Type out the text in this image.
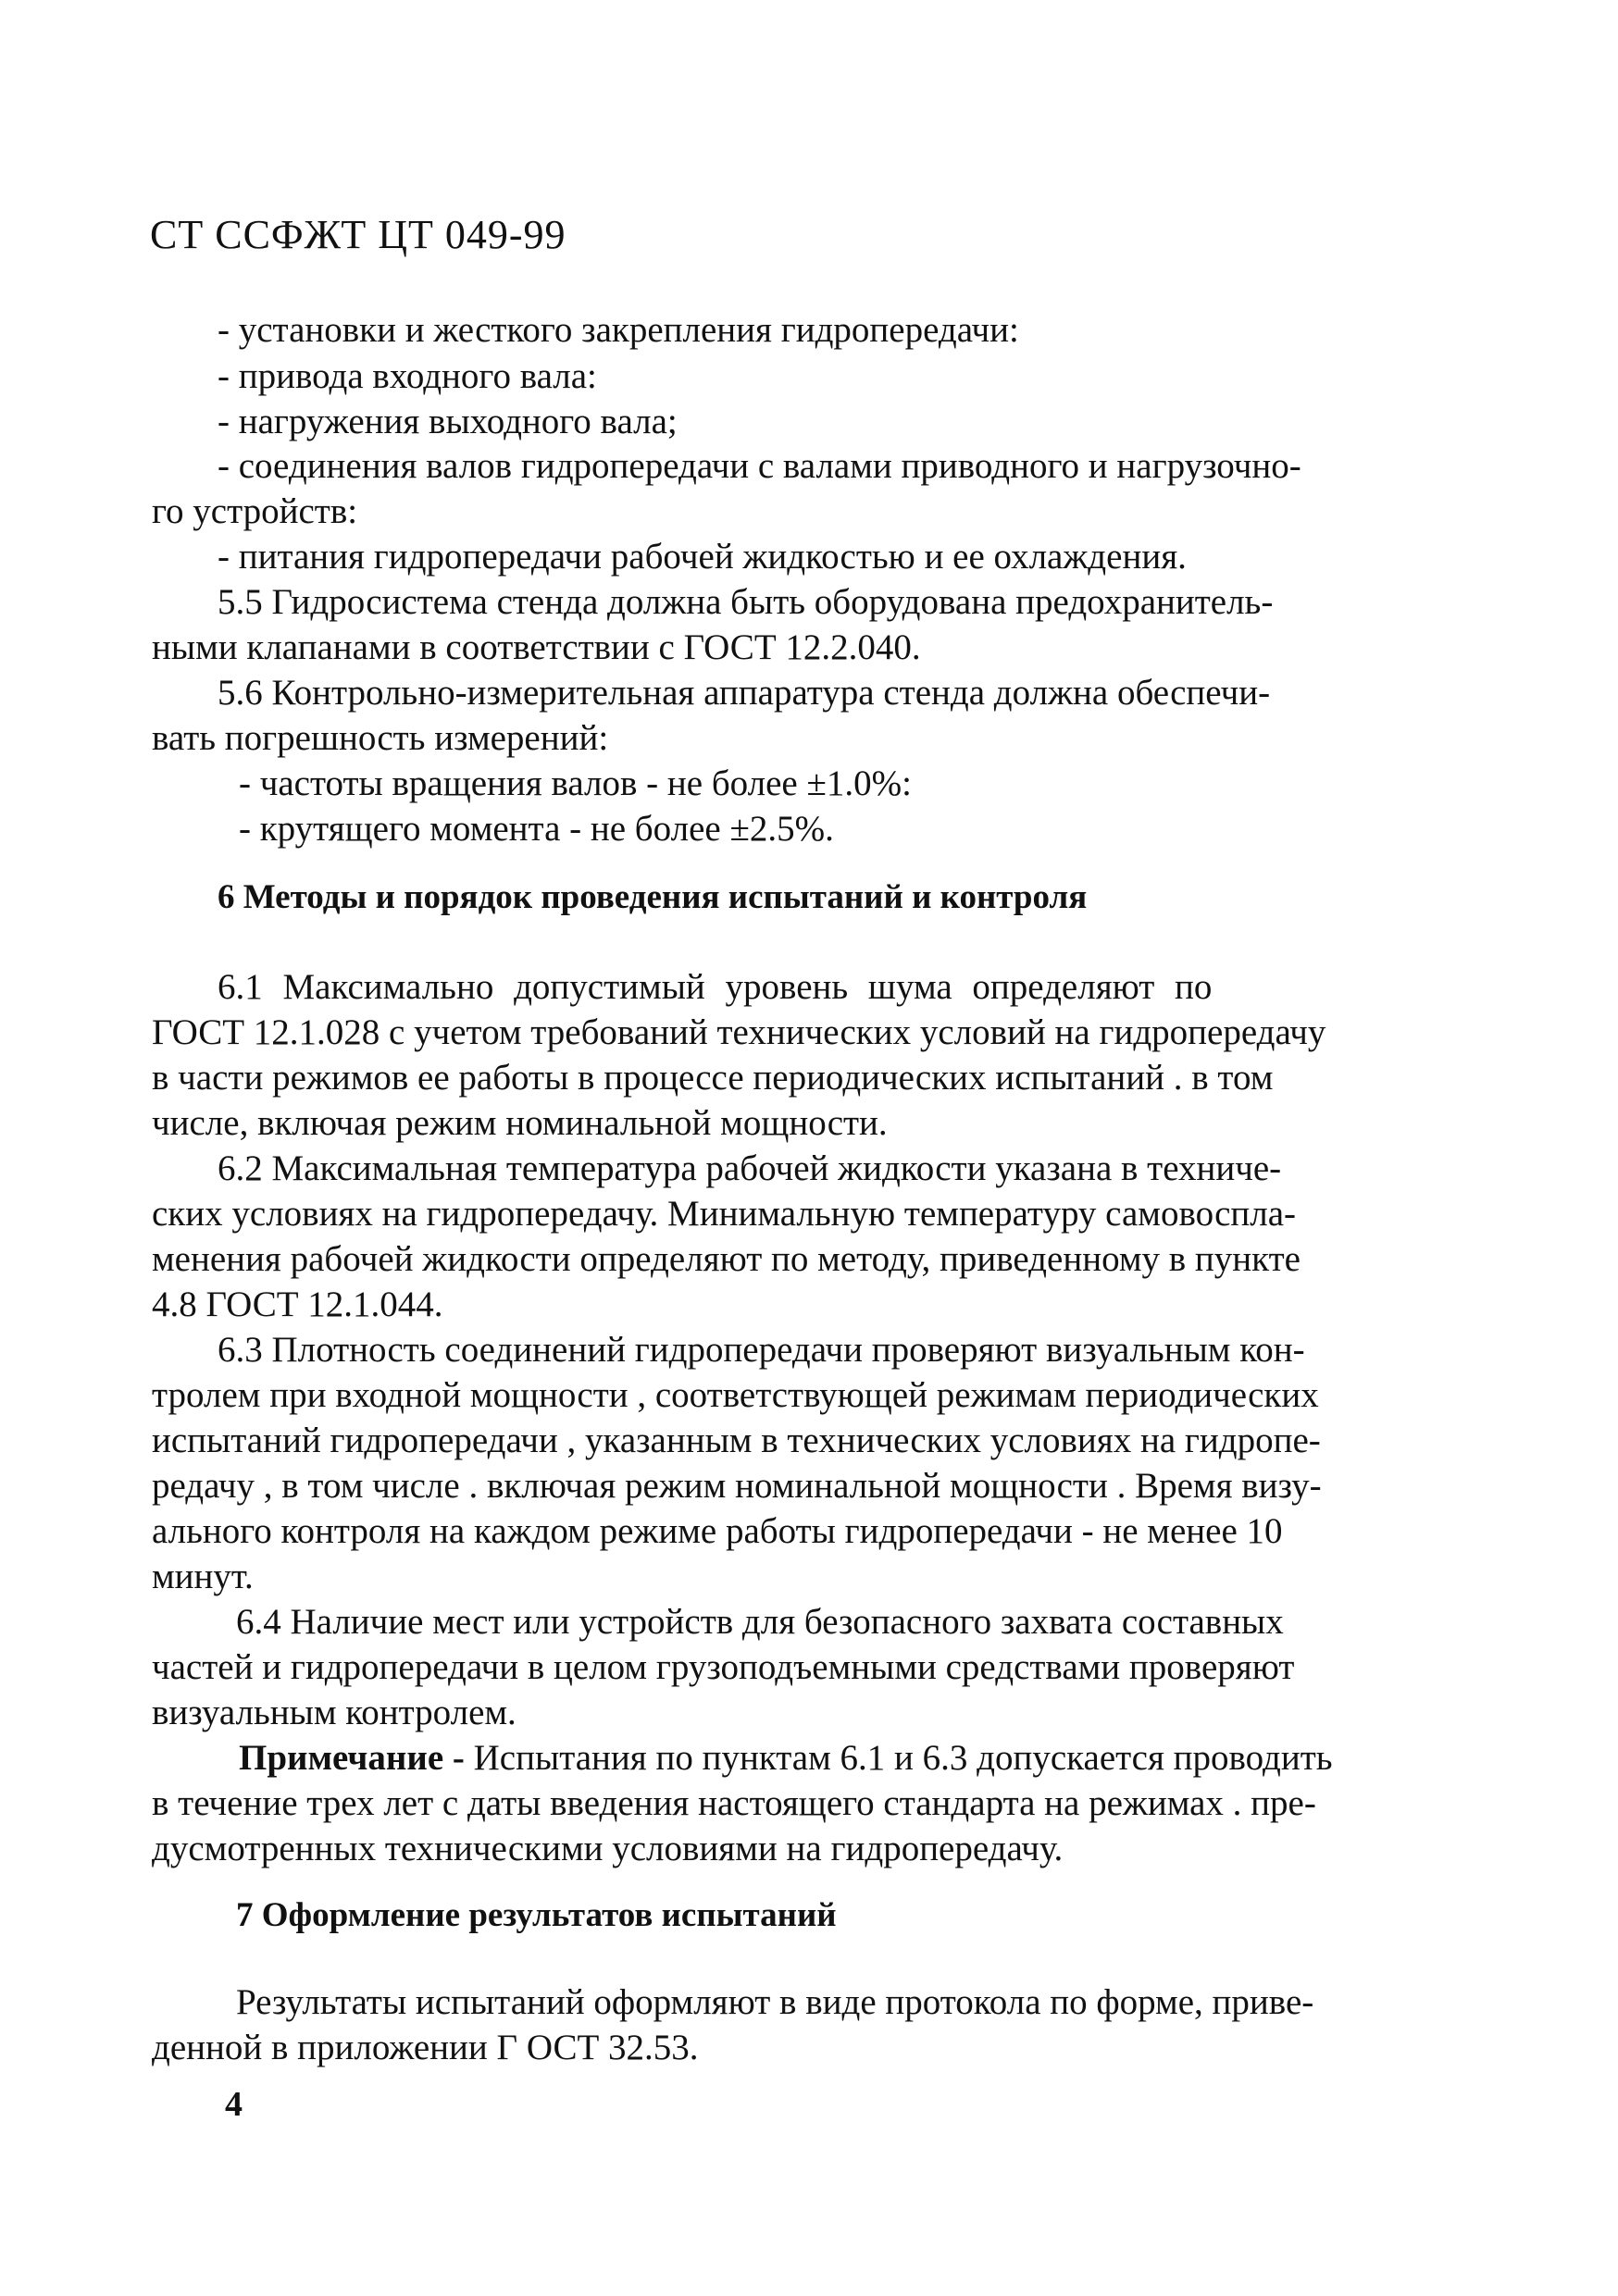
СТ ССФЖТ ЦТ 049-99
- установки и жесткого закрепления гидропередачи:
- привода входного вала:
- нагружения выходного вала;
- соединения валов гидропередачи с валами приводного и нагрузочно-
го устройств:
- питания гидропередачи рабочей жидкостью и ее охлаждения.
5.5 Гидросистема стенда должна быть оборудована предохранитель-
ными клапанами в соответствии с ГОСТ 12.2.040.
5.6 Контрольно-измерительная аппаратура стенда должна обеспечи-
вать погрешность измерений:
- частоты вращения валов - не более ±1.0%:
- крутящего момента - не более ±2.5%.
6 Методы и порядок проведения испытаний и контроля
6.1 Максимально допустимый уровень шума определяют по
ГОСТ 12.1.028 с учетом требований технических условий на гидропередачу
в части режимов ее работы в процессе периодических испытаний . в том
числе, включая режим номинальной мощности.
6.2 Максимальная температура рабочей жидкости указана в техниче-
ских условиях на гидропередачу. Минимальную температуру самовоспла-
менения рабочей жидкости определяют по методу, приведенному в пункте
4.8 ГОСТ 12.1.044.
6.3 Плотность соединений гидропередачи проверяют визуальным кон-
тролем при входной мощности , соответствующей режимам периодических
испытаний гидропередачи , указанным в технических условиях на гидропе-
редачу , в том числе . включая режим номинальной мощности . Время визу-
ального контроля на каждом режиме работы гидропередачи - не менее 10
минут.
6.4 Наличие мест или устройств для безопасного захвата составных
частей и гидропередачи в целом грузоподъемными средствами проверяют
визуальным контролем.
Примечание - Испытания по пунктам 6.1 и 6.3 допускается проводить
в течение трех лет с даты введения настоящего стандарта на режимах . пре-
дусмотренных техническими условиями на гидропередачу.
7 Оформление результатов испытаний
Результаты испытаний оформляют в виде протокола по форме, приве-
денной в приложении Г ОСТ 32.53.
4
